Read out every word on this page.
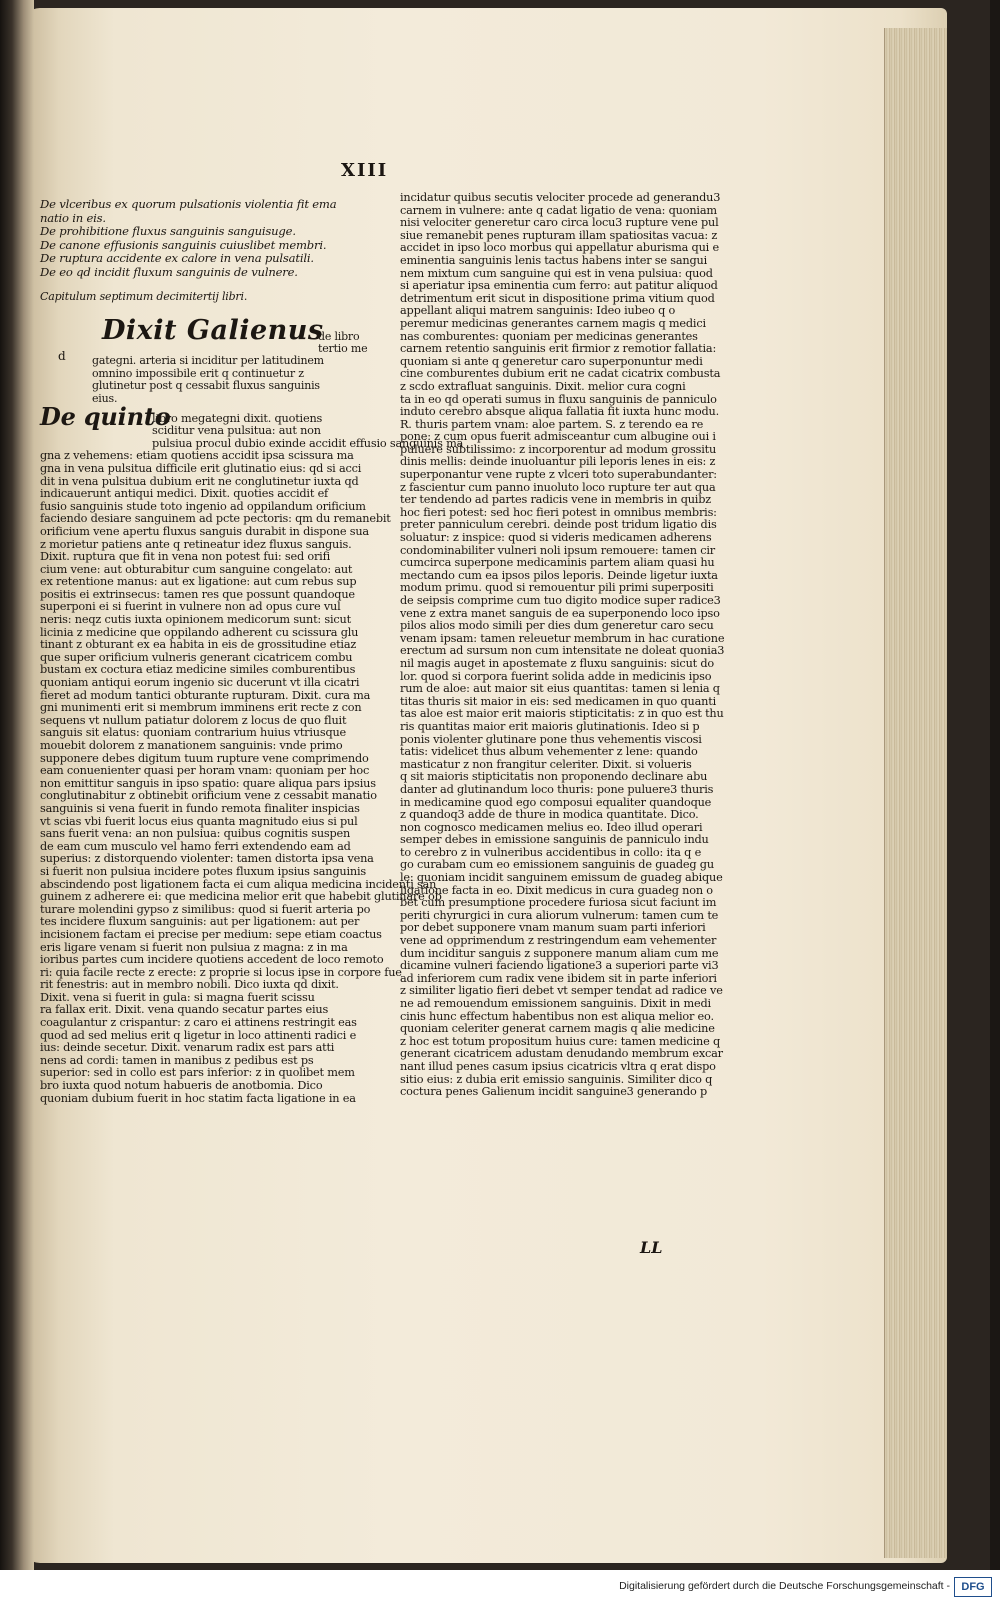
XIII
d

De vlceribus ex quorum pulsationis violentia fit ema

natio in eis.

De prohibitione fluxus sanguinis sanguisuge.

De canone effusionis sanguinis cuiuslibet membri.

De ruptura accidente ex calore in vena pulsatili.

De eo qd incidit fluxum sanguinis de vulnere.

Capitulum septimum decimitertij libri.

de libro

tertio me

gategni. arteria si inciditur per latitudinem

omnino impossibile erit q continuetur z

glutinetur post q cessabit fluxus sanguinis

eius.

Dixit Galienus
De quinto

libro megategni dixit. quotiens

sciditur vena pulsitua: aut non

pulsiua procul dubio exinde accidit effusio sanguinis ma

gna z vehemens: etiam quotiens accidit ipsa scissura ma

gna in vena pulsitua difficile erit glutinatio eius: qd si acci

dit in vena pulsitua dubium erit ne conglutinetur iuxta qd

indicauerunt antiqui medici. Dixit. quoties accidit ef

fusio sanguinis stude toto ingenio ad oppilandum orificium

faciendo desiare sanguinem ad pcte pectoris: qm du remanebit

orificium vene apertu fluxus sanguis durabit in dispone sua

z morietur patiens ante q retineatur idez fluxus sanguis.

Dixit. ruptura que fit in vena non potest fui: sed orifi

cium vene: aut obturabitur cum sanguine congelato: aut

ex retentione manus: aut ex ligatione: aut cum rebus sup

positis ei extrinsecus: tamen res que possunt quandoque

superponi ei si fuerint in vulnere non ad opus cure vul

neris: neqz cutis iuxta opinionem medicorum sunt: sicut

licinia z medicine que oppilando adherent cu scissura glu

tinant z obturant ex ea habita in eis de grossitudine etiaz

que super orificium vulneris generant cicatricem combu

bustam ex coctura etiaz medicine similes comburentibus

quoniam antiqui eorum ingenio sic ducerunt vt illa cicatri

fieret ad modum tantici obturante rupturam. Dixit. cura ma

gni munimenti erit si membrum imminens erit recte z con

sequens vt nullum patiatur dolorem z locus de quo fluit

sanguis sit elatus: quoniam contrarium huius vtriusque

mouebit dolorem z manationem sanguinis: vnde primo

supponere debes digitum tuum rupture vene comprimendo

eam conuenienter quasi per horam vnam: quoniam per hoc

non emittitur sanguis in ipso spatio: quare aliqua pars ipsius

conglutinabitur z obtinebit orificium vene z cessabit manatio

sanguinis si vena fuerit in fundo remota finaliter inspicias

vt scias vbi fuerit locus eius quanta magnitudo eius si pul

sans fuerit vena: an non pulsiua: quibus cognitis suspen

de eam cum musculo vel hamo ferri extendendo eam ad

superius: z distorquendo violenter: tamen distorta ipsa vena

si fuerit non pulsiua incidere potes fluxum ipsius sanguinis

abscindendo post ligationem facta ei cum aliqua medicina incidenti san

guinem z adherere ei: que medicina melior erit que habebit glutinare ob

turare molendini gypso z similibus: quod si fuerit arteria po

tes incidere fluxum sanguinis: aut per ligationem: aut per

incisionem factam ei precise per medium: sepe etiam coactus

eris ligare venam si fuerit non pulsiua z magna: z in ma

ioribus partes cum incidere quotiens accedent de loco remoto

ri: quia facile recte z erecte: z proprie si locus ipse in corpore fue

rit fenestris: aut in membro nobili. Dico iuxta qd dixit.

Dixit. vena si fuerit in gula: si magna fuerit scissu

ra fallax erit. Dixit. vena quando secatur partes eius

coagulantur z crispantur: z caro ei attinens restringit eas

quod ad sed melius erit q ligetur in loco attinenti radici e

ius: deinde secetur. Dixit. venarum radix est pars atti

nens ad cordi: tamen in manibus z pedibus est ps

superior: sed in collo est pars inferior: z in quolibet mem

bro iuxta quod notum habueris de anotbomia. Dico

quoniam dubium fuerit in hoc statim facta ligatione in ea

incidatur quibus secutis velociter procede ad generandu3

carnem in vulnere: ante q cadat ligatio de vena: quoniam

nisi velociter generetur caro circa locu3 rupture vene pul

siue remanebit penes rupturam illam spatiositas vacua: z

accidet in ipso loco morbus qui appellatur aburisma qui e

eminentia sanguinis lenis tactus habens inter se sangui

nem mixtum cum sanguine qui est in vena pulsiua: quod

si aperiatur ipsa eminentia cum ferro: aut patitur aliquod

detrimentum erit sicut in dispositione prima vitium quod

appellant aliqui matrem sanguinis: Ideo iubeo q o

peremur medicinas generantes carnem magis q medici

nas comburentes: quoniam per medicinas generantes

carnem retentio sanguinis erit firmior z remotior fallatia:

quoniam si ante q generetur caro superponuntur medi

cine comburentes dubium erit ne cadat cicatrix combusta

z scdo extrafluat sanguinis. Dixit. melior cura cogni

ta in eo qd operati sumus in fluxu sanguinis de panniculo

induto cerebro absque aliqua fallatia fit iuxta hunc modu.

R. thuris partem vnam: aloe partem. S. z terendo ea re

pone: z cum opus fuerit admisceantur cum albugine oui i

puluere subtilissimo: z incorporentur ad modum grossitu

dinis mellis: deinde inuoluantur pili leporis lenes in eis: z

superponantur vene rupte z vlceri toto superabundanter:

z fascientur cum panno inuoluto loco rupture ter aut qua

ter tendendo ad partes radicis vene in membris in quibz

hoc fieri potest: sed hoc fieri potest in omnibus membris:

preter panniculum cerebri. deinde post tridum ligatio dis

soluatur: z inspice: quod si videris medicamen adherens

condominabiliter vulneri noli ipsum remouere: tamen cir

cumcirca superpone medicaminis partem aliam quasi hu

mectando cum ea ipsos pilos leporis. Deinde ligetur iuxta

modum primu. quod si remouentur pili primi superpositi

de seipsis comprime cum tuo digito modice super radice3

vene z extra manet sanguis de ea superponendo loco ipso

pilos alios modo simili per dies dum generetur caro secu

venam ipsam: tamen releuetur membrum in hac curatione

erectum ad sursum non cum intensitate ne doleat quonia3

nil magis auget in apostemate z fluxu sanguinis: sicut do

lor. quod si corpora fuerint solida adde in medicinis ipso

rum de aloe: aut maior sit eius quantitas: tamen si lenia q

titas thuris sit maior in eis: sed medicamen in quo quanti

tas aloe est maior erit maioris stipticitatis: z in quo est thu

ris quantitas maior erit maioris glutinationis. Ideo si p

ponis violenter glutinare pone thus vehementis viscosi

tatis: videlicet thus album vehementer z lene: quando

masticatur z non frangitur celeriter. Dixit. si volueris

q sit maioris stipticitatis non proponendo declinare abu

danter ad glutinandum loco thuris: pone puluere3 thuris

in medicamine quod ego composui equaliter quandoque

z quandoq3 adde de thure in modica quantitate. Dico.

non cognosco medicamen melius eo. Ideo illud operari

semper debes in emissione sanguinis de panniculo indu

to cerebro z in vulneribus accidentibus in collo: ita q e

go curabam cum eo emissionem sanguinis de guadeg gu

le: quoniam incidit sanguinem emissum de guadeg abique

ligatione facta in eo. Dixit medicus in cura guadeg non o

bet cum presumptione procedere furiosa sicut faciunt im

periti chyrurgici in cura aliorum vulnerum: tamen cum te

por debet supponere vnam manum suam parti inferiori

vene ad opprimendum z restringendum eam vehementer

dum inciditur sanguis z supponere manum aliam cum me

dicamine vulneri faciendo ligatione3 a superiori parte vi3

ad inferiorem cum radix vene ibidem sit in parte inferiori

z similiter ligatio fieri debet vt semper tendat ad radice ve

ne ad remouendum emissionem sanguinis. Dixit in medi

cinis hunc effectum habentibus non est aliqua melior eo.

quoniam celeriter generat carnem magis q alie medicine

z hoc est totum propositum huius cure: tamen medicine q

generant cicatricem adustam denudando membrum excar

nant illud penes casum ipsius cicatricis vltra q erat dispo

sitio eius: z dubia erit emissio sanguinis. Similiter dico q

coctura penes Galienum incidit sanguine3 generando p

LL
Digitalisierung gefördert durch die Deutsche Forschungsgemeinschaft -	DFG
